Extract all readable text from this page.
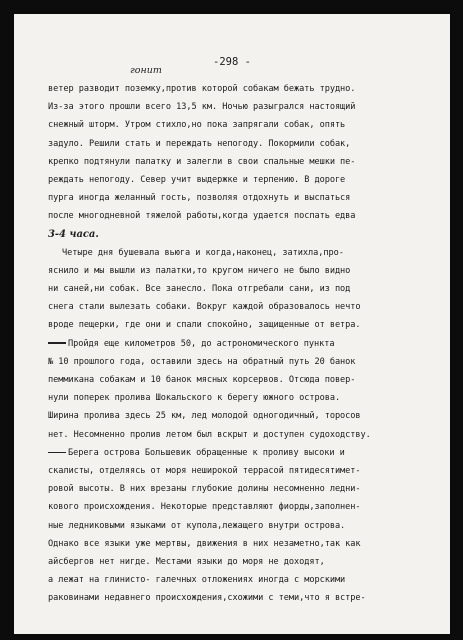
-298 -
гонит
ветер разводит поземку,против которой собакам бежать трудно.
Из-за этого прошли всего 13,5 км. Ночью разыгрался настоящий
снежный шторм. Утром стихло,но пока запрягали собак, опять
задуло. Решили стать и переждать непогоду. Покормили собак,
крепко подтянули палатку и залегли в свои спальные мешки пе-
реждать непогоду. Север учит выдержке и терпению. В дороге
пурга иногда желанный гость, позволяя отдохнуть и выспаться
после многодневной тяжелой работы,когда удается поспать едва
3-4 часа.
Четыре дня бушевала вьюга и когда,наконец, затихла,про-
яснило и мы вышли из палатки,то кругом ничего не было видно
ни саней,ни собак. Все занесло. Пока отгребали сани, из под
снега стали вылезать собаки. Вокруг каждой образовалось нечто
вроде пещерки, где они и спали спокойно, защищенные от ветра.
Пройдя еще километров 50, до астрономического пункта
№ 10 прошлого года, оставили здесь на обратный путь 20 банок
пеммикана собакам и 10 банок мясных корсервов. Отсюда повер-
нули поперек пролива Шокальского к берегу южного острова.
Ширина пролива здесь 25 км, лед молодой одногодичный, торосов
нет. Несомненно пролив летом был вскрыт и доступен судоходству.
Берега острова Большевик обращенные к проливу высоки и
скалисты, отделяясь от моря неширокой террасой пятидесятимет-
ровой высоты. В них врезаны глубокие долины несомненно ледни-
кового происхождения. Некоторые представляют фиорды,заполнен-
ные ледниковыми языками от купола,лежащего внутри острова.
Однако все языки уже мертвы, движения в них незаметно,так как
айсбергов нет нигде. Местами языки до моря не доходят,
а лежат на глинисто- галечных отложениях иногда с морскими
раковинами недавнего происхождения,схожими с теми,что я встре-
